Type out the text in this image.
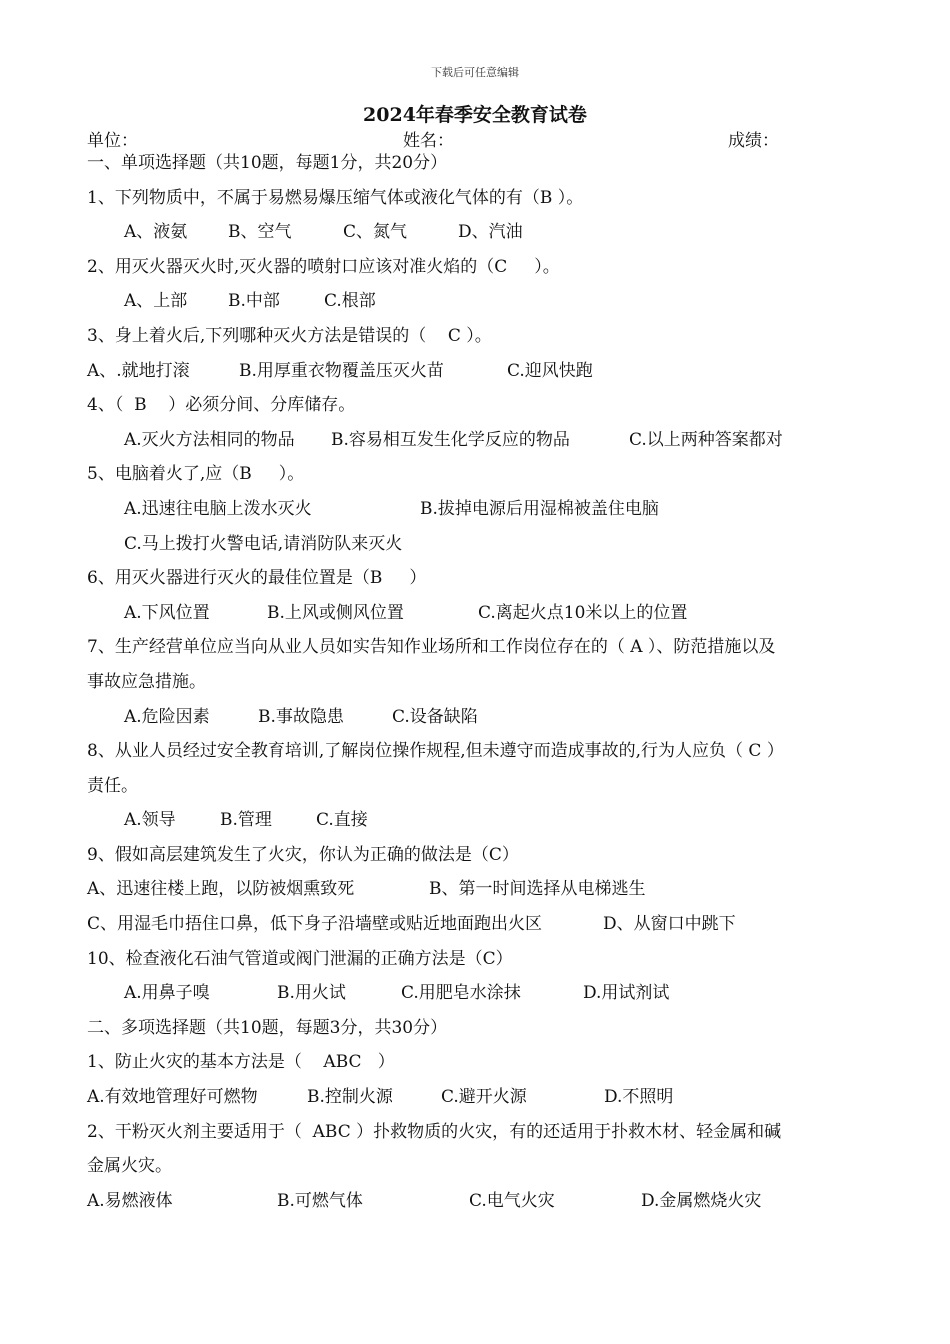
下载后可任意编辑
2024年春季安全教育试卷
单位：	姓名：	成绩：
一、单项选择题（共10题，每题1分，共20分）
1、下列物质中，不属于易燃易爆压缩气体或液化气体的有（B ）。
A、液氨 B、空气	C、氮气	D、汽油
2、用灭火器灭火时,灭火器的喷射口应该对准火焰的（C     ）。
A、上部 B.中部	C.根部
3、身上着火后,下列哪种灭火方法是错误的（    C ）。
A、.就地打滚	B.用厚重衣物覆盖压灭火苗	C.迎风快跑
4、（  B    ）必须分间、分库储存。
A.灭火方法相同的物品 B.容易相互发生化学反应的物品	C.以上两种答案都对
5、电脑着火了,应（B     ）。
A.迅速往电脑上泼水灭火	B.拔掉电源后用湿棉被盖住电脑
C.马上拨打火警电话,请消防队来灭火
6、用灭火器进行灭火的最佳位置是（B     ）
A.下风位置	B.上风或侧风位置	C.离起火点10米以上的位置
7、生产经营单位应当向从业人员如实告知作业场所和工作岗位存在的（ A ）、防范措施以及
事故应急措施。
A.危险因素	B.事故隐患	C.设备缺陷
8、从业人员经过安全教育培训,了解岗位操作规程,但未遵守而造成事故的,行为人应负（ C ）
责任。
A.领导	B.管理	C.直接
9、假如高层建筑发生了火灾，你认为正确的做法是（C）
A、迅速往楼上跑，以防被烟熏致死	B、第一时间选择从电梯逃生
C、用湿毛巾捂住口鼻，低下身子沿墙壁或贴近地面跑出火区	D、从窗口中跳下
10、检查液化石油气管道或阀门泄漏的正确方法是（C）
A.用鼻子嗅	B.用火试	C.用肥皂水涂抹	D.用试剂试
二、多项选择题（共10题，每题3分，共30分）
1、防止火灾的基本方法是（    ABC   ）
A.有效地管理好可燃物	B.控制火源	C.避开火源	D.不照明
2、干粉灭火剂主要适用于（  ABC ）扑救物质的火灾，有的还适用于扑救木材、轻金属和碱
金属火灾。
A.易燃液体	B.可燃气体	C.电气火灾	D.金属燃烧火灾
